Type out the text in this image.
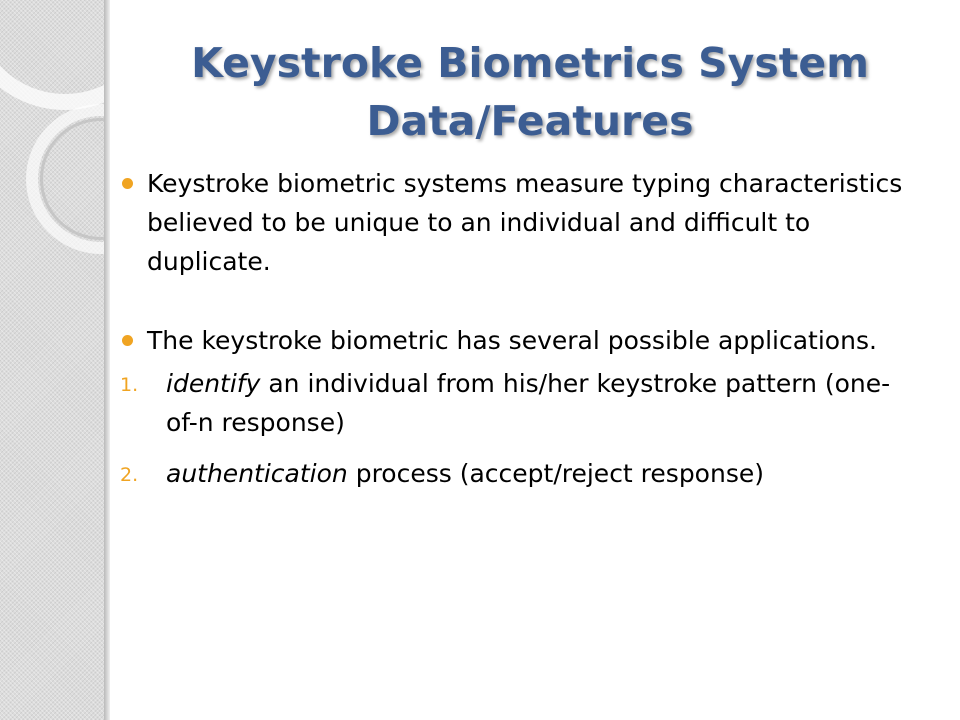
Keystroke Biometrics System
Data/Features

Keystroke biometric systems measure typing characteristics believed to be unique to an individual and difficult to duplicate.

The keystroke biometric has several possible applications.

1. identify an individual from his/her keystroke pattern (one-of-n response)

2. authentication process (accept/reject response)
